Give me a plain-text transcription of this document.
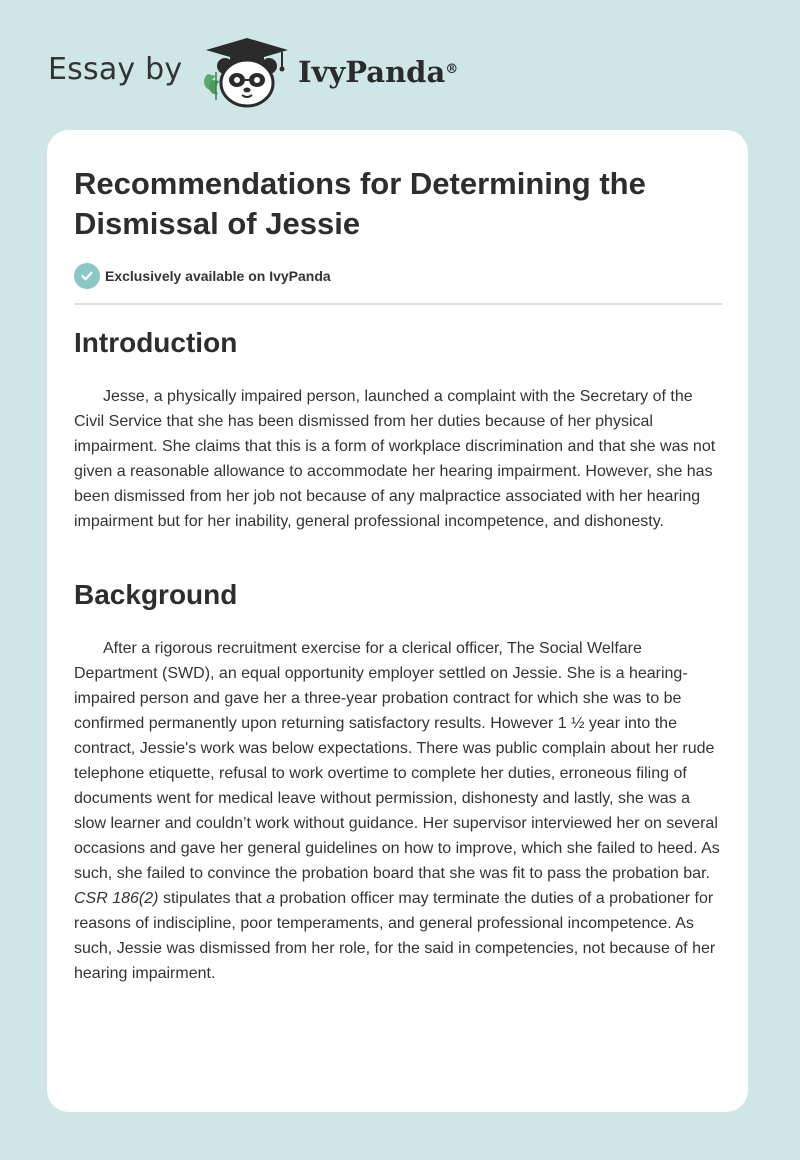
Essay by	IvyPanda®
Recommendations for Determining the Dismissal of Jessie
Exclusively available on IvyPanda
Introduction

Jesse, a physically impaired person, launched a complaint with the Secretary of the Civil Service that she has been dismissed from her duties because of her physical impairment. She claims that this is a form of workplace discrimination and that she was not given a reasonable allowance to accommodate her hearing impairment. However, she has been dismissed from her job not because of any malpractice associated with her hearing impairment but for her inability, general professional incompetence, and dishonesty.

Background

After a rigorous recruitment exercise for a clerical officer, The Social Welfare Department (SWD), an equal opportunity employer settled on Jessie. She is a hearing-impaired person and gave her a three-year probation contract for which she was to be confirmed permanently upon returning satisfactory results. However 1 ½ year into the contract, Jessie's work was below expectations. There was public complain about her rude telephone etiquette, refusal to work overtime to complete her duties, erroneous filing of documents went for medical leave without permission, dishonesty and lastly, she was a slow learner and couldn’t work without guidance. Her supervisor interviewed her on several occasions and gave her general guidelines on how to improve, which she failed to heed. As such, she failed to convince the probation board that she was fit to pass the probation bar. CSR 186(2) stipulates that a probation officer may terminate the duties of a probationer for reasons of indiscipline, poor temperaments, and general professional incompetence. As such, Jessie was dismissed from her role, for the said in competencies, not because of her hearing impairment.
